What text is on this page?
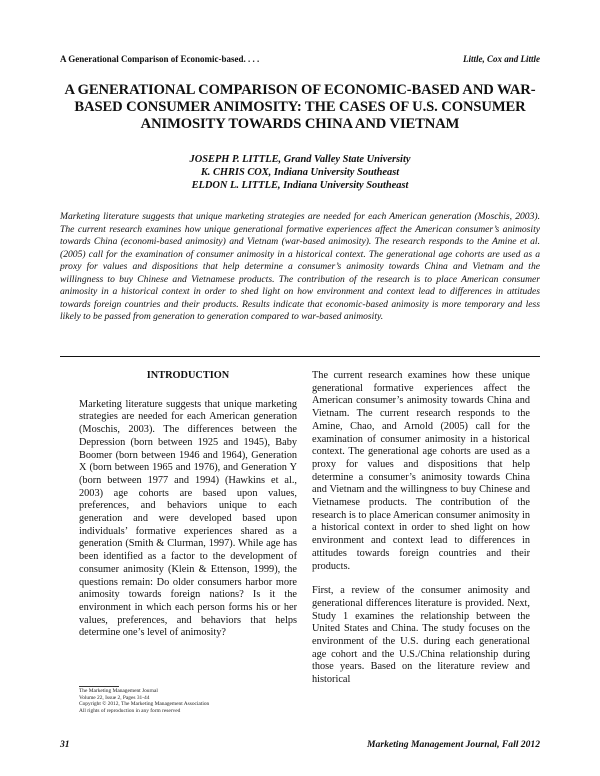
A Generational Comparison of Economic-based. . . .	Little, Cox and Little
A GENERATIONAL COMPARISON OF ECONOMIC-BASED AND WAR-BASED CONSUMER ANIMOSITY: THE CASES OF U.S. CONSUMER ANIMOSITY TOWARDS CHINA AND VIETNAM
JOSEPH P. LITTLE, Grand Valley State University
K. CHRIS COX, Indiana University Southeast
ELDON L. LITTLE, Indiana University Southeast
Marketing literature suggests that unique marketing strategies are needed for each American generation (Moschis, 2003). The current research examines how unique generational formative experiences affect the American consumer’s animosity towards China (economi-based animosity) and Vietnam (war-based animosity). The research responds to the Amine et al. (2005) call for the examination of consumer animosity in a historical context. The generational age cohorts are used as a proxy for values and dispositions that help determine a consumer’s animosity towards China and Vietnam and the willingness to buy Chinese and Vietnamese products. The contribution of the research is to place American consumer animosity in a historical context in order to shed light on how environment and context lead to differences in attitudes towards foreign countries and their products. Results indicate that economic-based animosity is more temporary and less likely to be passed from generation to generation compared to war-based animosity.
INTRODUCTION

Marketing literature suggests that unique marketing strategies are needed for each American generation (Moschis, 2003). The differences between the Depression (born between 1925 and 1945), Baby Boomer (born between 1946 and 1964), Generation X (born between 1965 and 1976), and Generation Y (born between 1977 and 1994) (Hawkins et al., 2003) age cohorts are based upon values, preferences, and behaviors unique to each generation and were developed based upon individuals’ formative experiences shared as a generation (Smith & Clurman, 1997). While age has been identified as a factor to the development of consumer animosity (Klein & Ettenson, 1999), the questions remain: Do older consumers harbor more animosity towards foreign nations? Is it the environment in which each person forms his or her values, preferences, and behaviors that helps determine one’s level of animosity?

The Marketing Management Journal
Volume 22, Issue 2, Pages 31-44
Copyright © 2012, The Marketing Management Association
All rights of reproduction in any form reserved

The current research examines how these unique generational formative experiences affect the American consumer’s animosity towards China and Vietnam. The current research responds to the Amine, Chao, and Arnold (2005) call for the examination of consumer animosity in a historical context. The generational age cohorts are used as a proxy for values and dispositions that help determine a consumer’s animosity towards China and Vietnam and the willingness to buy Chinese and Vietnamese products. The contribution of the research is to place American consumer animosity in a historical context in order to shed light on how environment and context lead to differences in attitudes towards foreign countries and their products.

First, a review of the consumer animosity and generational differences literature is provided. Next, Study 1 examines the relationship between the United States and China. The study focuses on the environment of the U.S. during each generational age cohort and the U.S./China relationship during those years. Based on the literature review and historical

31	Marketing Management Journal, Fall 2012
